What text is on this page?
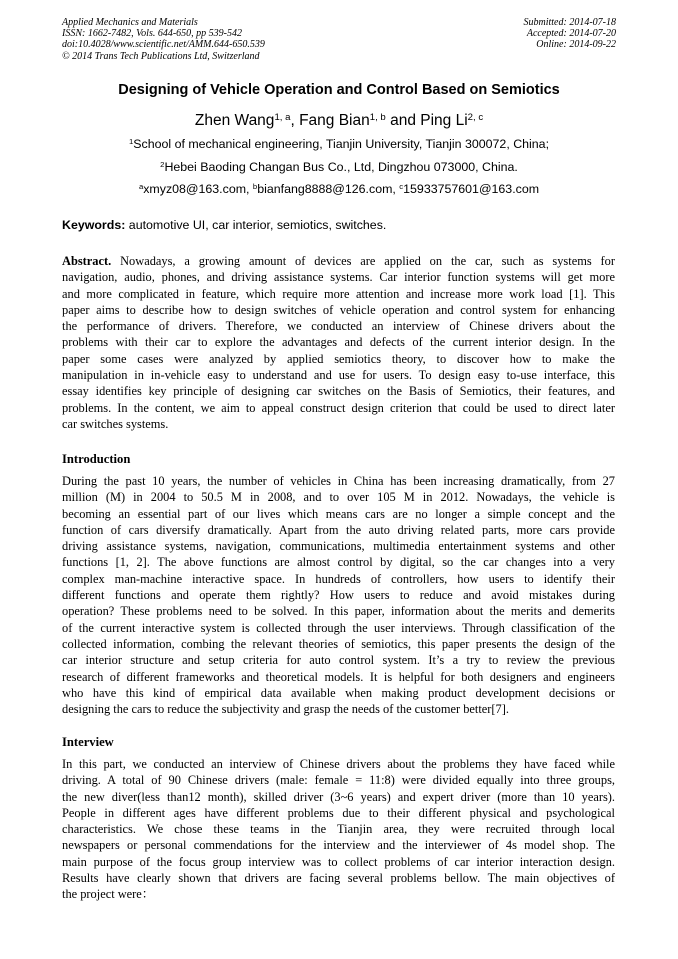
Applied Mechanics and Materials
ISSN: 1662-7482, Vols. 644-650, pp 539-542
doi:10.4028/www.scientific.net/AMM.644-650.539
© 2014 Trans Tech Publications Ltd, Switzerland
Submitted: 2014-07-18
Accepted: 2014-07-20
Online: 2014-09-22
Designing of Vehicle Operation and Control Based on Semiotics
Zhen Wang$^{1, a}$, Fang Bian$^{1, b}$ and Ping Li$^{2, c}$
$^1$School of mechanical engineering, Tianjin University, Tianjin 300072, China;
$^2$Hebei Baoding Changan Bus Co., Ltd, Dingzhou 073000, China.
$^a$xmyz08@163.com, $^b$bianfang8888@126.com, $^c$15933757601@163.com
Keywords: automotive UI, car interior, semiotics, switches.
Abstract. Nowadays, a growing amount of devices are applied on the car, such as systems for
navigation, audio, phones, and driving assistance systems. Car interior function systems will get more
and more complicated in feature, which require more attention and increase more work load [1]. This
paper aims to describe how to design switches of vehicle operation and control system for enhancing
the performance of drivers. Therefore, we conducted an interview of Chinese drivers about the
problems with their car to explore the advantages and defects of the current interior design. In the
paper some cases were analyzed by applied semiotics theory, to discover how to make the
manipulation in in-vehicle easy to understand and use for users. To design easy to-use interface, this
essay identifies key principle of designing car switches on the Basis of Semiotics, their features, and
problems. In the content, we aim to appeal construct design criterion that could be used to direct later
car switches systems.
Introduction
During the past 10 years, the number of vehicles in China has been increasing dramatically, from 27
million (M) in 2004 to 50.5 M in 2008, and to over 105 M in 2012. Nowadays, the vehicle is
becoming an essential part of our lives which means cars are no longer a simple concept and the
function of cars diversify dramatically. Apart from the auto driving related parts, more cars provide
driving assistance systems, navigation, communications, multimedia entertainment systems and other
functions [1, 2]. The above functions are almost control by digital, so the car changes into a very
complex man-machine interactive space. In hundreds of controllers, how users to identify their
different functions and operate them rightly? How users to reduce and avoid mistakes during
operation? These problems need to be solved. In this paper, information about the merits and demerits
of the current interactive system is collected through the user interviews. Through classification of the
collected information, combing the relevant theories of semiotics, this paper presents the design of the
car interior structure and setup criteria for auto control system. It’s a try to review the previous
research of different frameworks and theoretical models. It is helpful for both designers and engineers
who have this kind of empirical data available when making product development decisions or
designing the cars to reduce the subjectivity and grasp the needs of the customer better[7].
Interview
In this part, we conducted an interview of Chinese drivers about the problems they have faced while
driving. A total of 90 Chinese drivers (male: female = 11:8) were divided equally into three groups,
the new diver(less than12 month), skilled driver (3~6 years) and expert driver (more than 10 years).
People in different ages have different problems due to their different physical and psychological
characteristics. We chose these teams in the Tianjin area, they were recruited through local
newspapers or personal commendations for the interview and the interviewer of 4s model shop. The
main purpose of the focus group interview was to collect problems of car interior interaction design.
Results have clearly shown that drivers are facing several problems bellow. The main objectives of
the project were：
